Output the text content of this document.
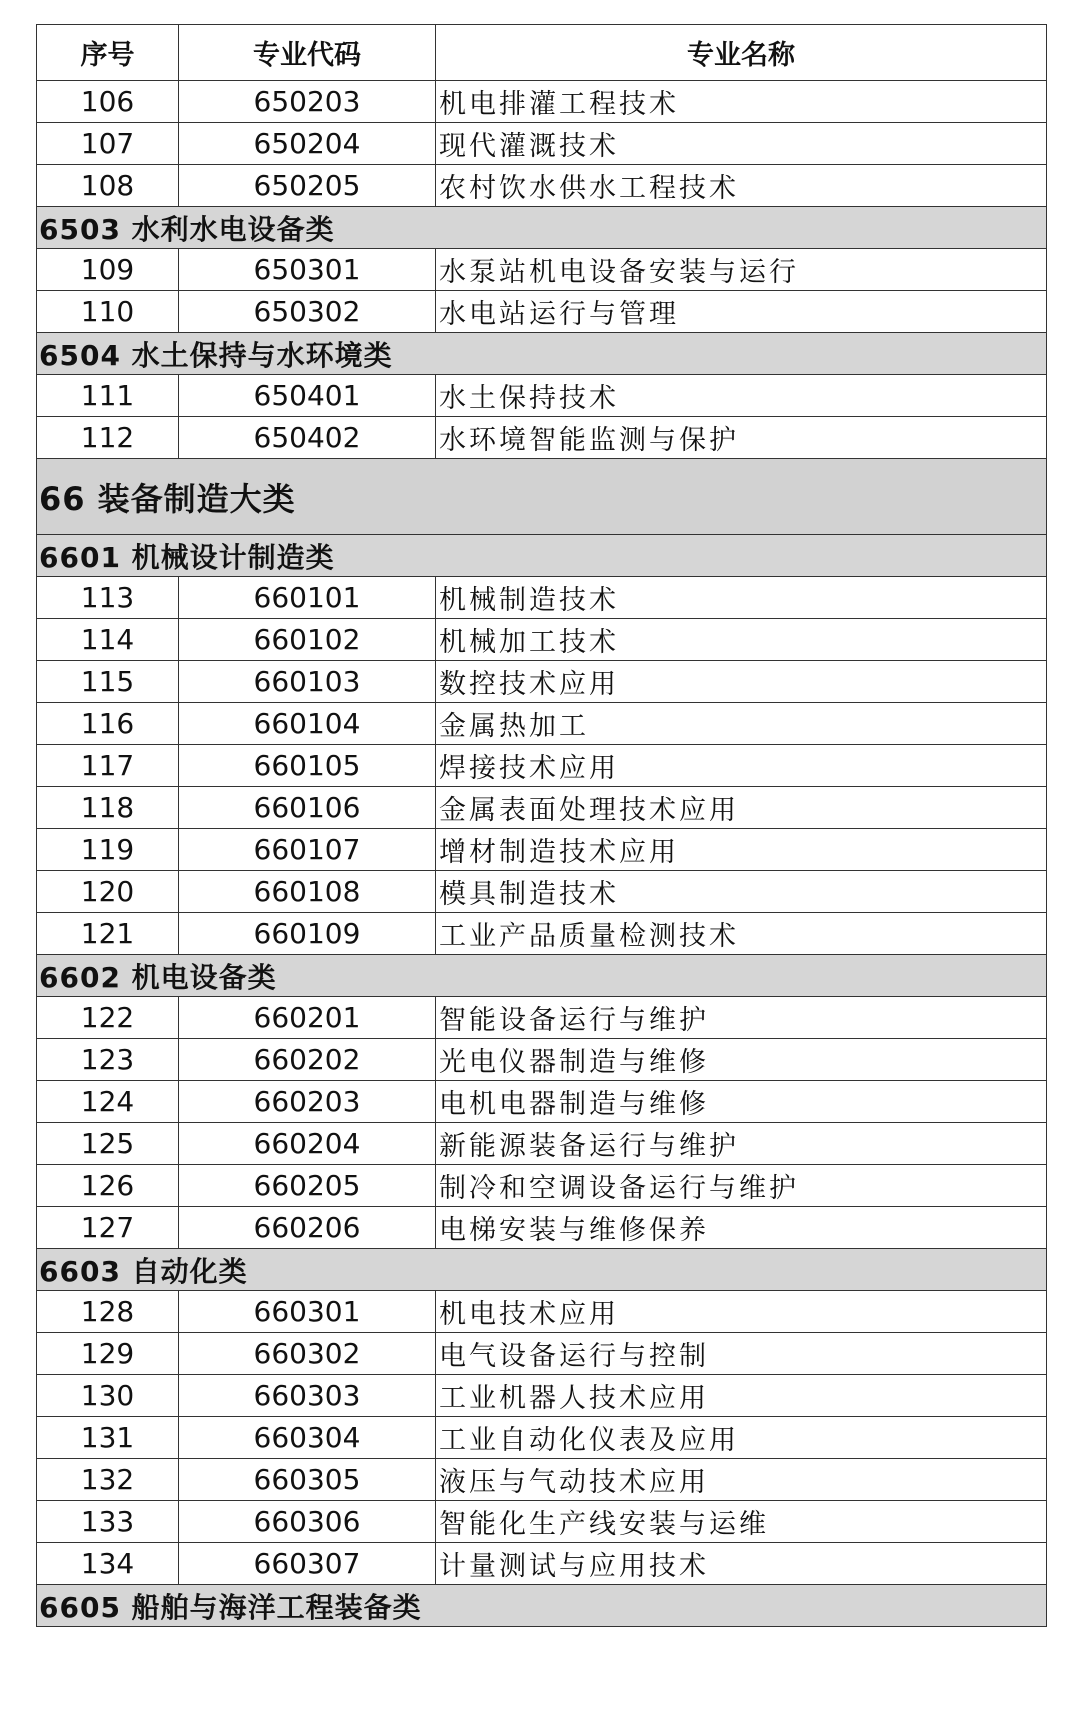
序号	专业代码	专业名称
106	650203	机电排灌工程技术
107	650204	现代灌溉技术
108	650205	农村饮水供水工程技术
6503 水利水电设备类		
109	650301	水泵站机电设备安装与运行
110	650302	水电站运行与管理
6504 水土保持与水环境类		
111	650401	水土保持技术
112	650402	水环境智能监测与保护
66 装备制造大类		
6601 机械设计制造类		
113	660101	机械制造技术
114	660102	机械加工技术
115	660103	数控技术应用
116	660104	金属热加工
117	660105	焊接技术应用
118	660106	金属表面处理技术应用
119	660107	增材制造技术应用
120	660108	模具制造技术
121	660109	工业产品质量检测技术
6602 机电设备类		
122	660201	智能设备运行与维护
123	660202	光电仪器制造与维修
124	660203	电机电器制造与维修
125	660204	新能源装备运行与维护
126	660205	制冷和空调设备运行与维护
127	660206	电梯安装与维修保养
6603 自动化类		
128	660301	机电技术应用
129	660302	电气设备运行与控制
130	660303	工业机器人技术应用
131	660304	工业自动化仪表及应用
132	660305	液压与气动技术应用
133	660306	智能化生产线安装与运维
134	660307	计量测试与应用技术
6605 船舶与海洋工程装备类		
